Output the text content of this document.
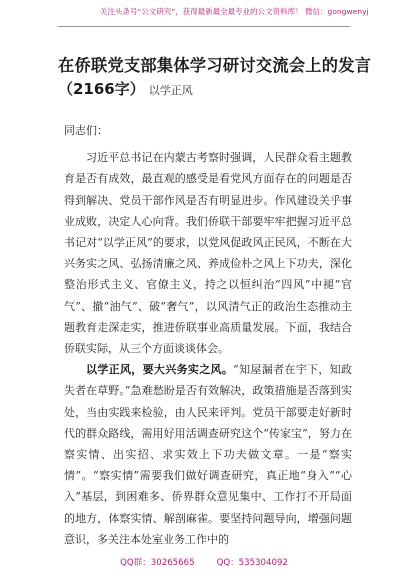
关注头条号“公文研究”，获得最新最全最专业的公文资料库！ 微信：gongwenyj
在侨联党支部集体学习研讨交流会上的发言
（2166字） 以学正风

同志们：

习近平总书记在内蒙古考察时强调，人民群众看主题教育是否有成效，最直观的感受是看党风方面存在的问题是否得到解决、党员干部作风是否有明显进步。作风建设关乎事业成败，决定人心向背。我们侨联干部要牢牢把握习近平总书记对“以学正风”的要求，以党风促政风正民风，不断在大兴务实之风、弘扬清廉之风、养成俭朴之风上下功夫，深化整治形式主义、官僚主义，持之以恒纠治“四风”中褪“官气”、撤“油气”、破“奢气”，以风清气正的政治生态推动主题教育走深走实，推进侨联事业高质量发展。下面，我结合侨联实际，从三个方面谈谈体会。

以学正风，要大兴务实之风。“知屋漏者在宇下，知政失者在草野。”急难愁盼是否有效解决，政策措施是否落到实处，当由实践来检验，由人民来评判。党员干部要走好新时代的群众路线，需用好用活调查研究这个“传家宝”，努力在察实情、出实招、求实效上下功夫做文章。一是“察实情”。“察实情”需要我们做好调查研究，真正地“身入”“心入”基层，到困难多、侨界群众意见集中、工作打不开局面的地方，体察实情、解剖麻雀。要坚持问题导向，增强问题意识，多关注本处室业务工作中的

QQ群：30265665	QQ：535304092
